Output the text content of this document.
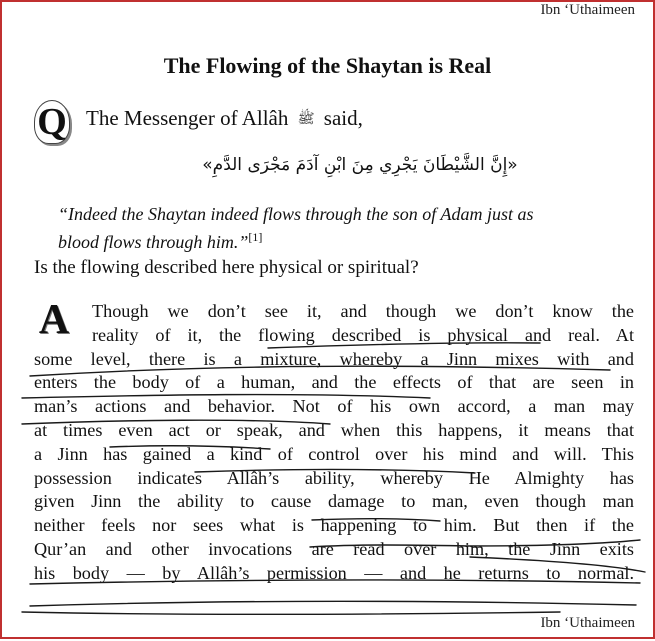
Ibn ‘Uthaimeen
The Flowing of the Shaytan is Real
Q The Messenger of Allâh ﷺ said,
«إِنَّ الشَّيْطَانَ يَجْرِي مِنَ ابْنِ آدَمَ مَجْرَى الدَّمِ»
“Indeed the Shaytan indeed flows through the son of Adam just as
blood flows through him.”[1]
Is the flowing described here physical or spiritual?
A	Though we don’t see it, and though we don’t know the
reality of it, the flowing described is physical and real. At
some level, there is a mixture, whereby a Jinn mixes with and
enters the body of a human, and the effects of that are seen in
man’s actions and behavior. Not of his own accord, a man may
at times even act or speak, and when this happens, it means that
a Jinn has gained a kind of control over his mind and will. This
possession indicates Allâh’s ability, whereby He Almighty has
given Jinn the ability to cause damage to man, even though man
neither feels nor sees what is happening to him. But then if the
Qur’an and other invocations are read over him, the Jinn exits
his body — by Allâh’s permission — and he returns to normal.
Ibn ‘Uthaimeen
